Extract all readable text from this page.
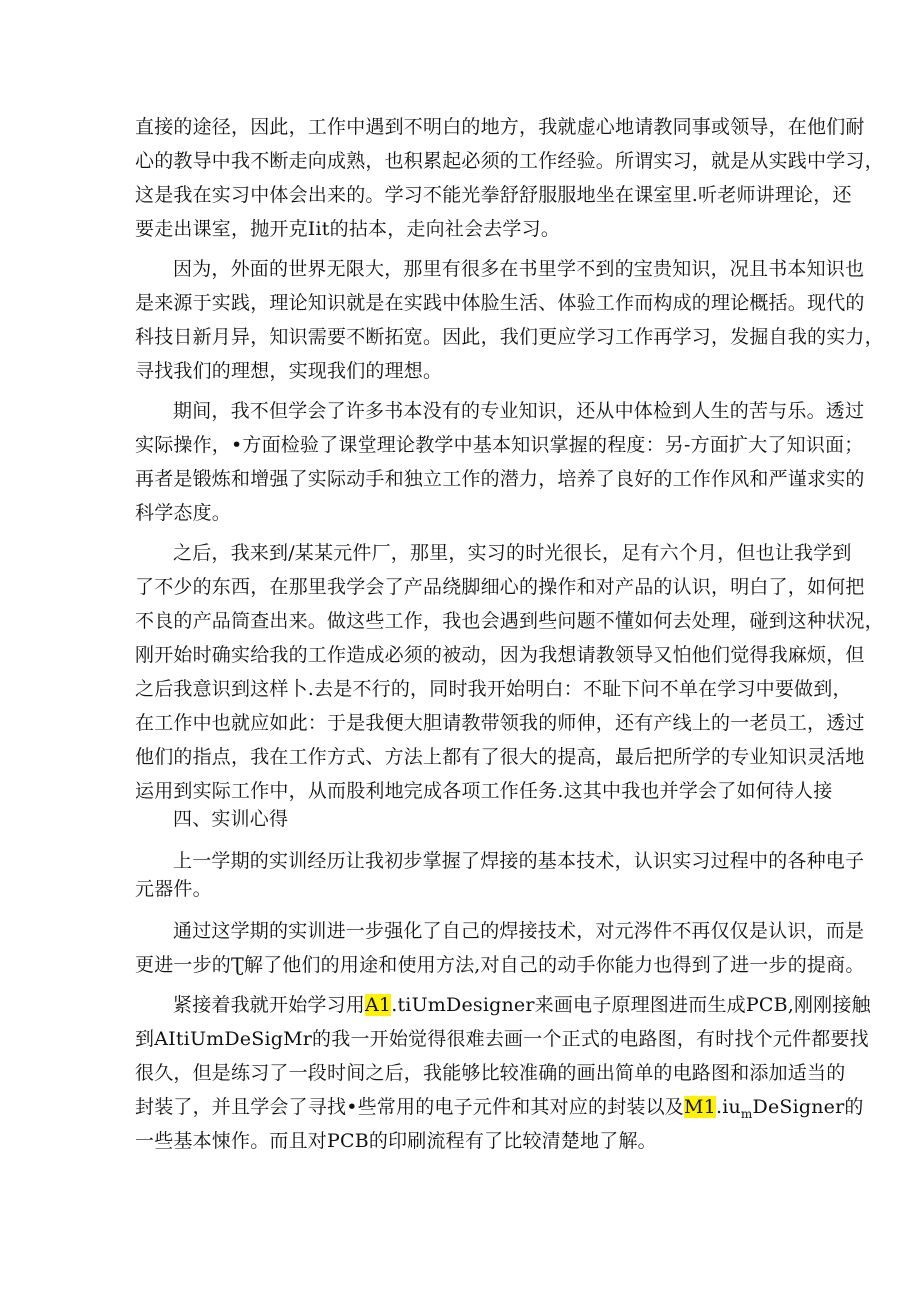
直接的途径，因此，工作中遇到不明白的地方，我就虚心地请教同事或领导，在他们耐
心的教导中我不断走向成熟，也积累起必须的工作经验。所谓实习，就是从实践中学习，
这是我在实习中体会出来的。学习不能光拳舒舒服服地坐在课室里.听老师讲理论，还
要走出课室，抛开克Iit的拈本，走向社会去学习。
因为，外面的世界无限大，那里有很多在书里学不到的宝贵知识，况且书本知识也
是来源于实践，理论知识就是在实践中体脸生活、体验工作而构成的理论概括。现代的
科技日新月异，知识需要不断拓宽。因此，我们更应学习工作再学习，发掘自我的实力，
寻找我们的理想，实现我们的理想。
期间，我不但学会了许多书本没有的专业知识，还从中体检到人生的苦与乐。透过
实际操作，•方面检验了课堂理论教学中基本知识掌握的程度：另-方面扩大了知识面；
再者是锻炼和增强了实际动手和独立工作的潜力，培养了良好的工作作风和严谨求实的
科学态度。
之后，我来到/某某元件厂，那里，实习的时光很长，足有六个月，但也让我学到
了不少的东西，在那里我学会了产品绕脚细心的操作和对产品的认识，明白了，如何把
不良的产品筒查出来。做这些工作，我也会遇到些问题不懂如何去处理，碰到这种状况，
刚开始时确实给我的工作造成必须的被动，因为我想请教领导又怕他们觉得我麻烦，但
之后我意识到这样卜.去是不行的，同时我开始明白：不耻下问不单在学习中要做到，
在工作中也就应如此：于是我便大胆请教带领我的师伸，还有产线上的一老员工，透过
他们的指点，我在工作方式、方法上都有了很大的提高，最后把所学的专业知识灵活地
运用到实际工作中，从而股利地完成各项工作任务.这其中我也并学会了如何待人接
四、实训心得
上一学期的实训经历让我初步掌握了焊接的基本技术，认识实习过程中的各种电子
元器件。
通过这学期的实训进一步强化了自己的焊接技术，对元涔件不再仅仅是认识，而是
更进一步的Ʈ解了他们的用途和使用方法,对自己的动手你能力也得到了进一步的提商。
紧接着我就开始学习用A1.tiUmDesigner来画电子原理图进而生成PCB,刚刚接触
到AItiUmDeSigMr的我一开始觉得很难去画一个正式的电路图，有时找个元件都要找
很久，但是练习了一段时间之后，我能够比较准确的画出简单的电路图和添加适当的
封装了，并且学会了寻找•些常用的电子元件和其对应的封装以及$M1.iu_mDeSigner$的
一些基本悚作。而且对PCB的印刷流程有了比较清楚地了解。
